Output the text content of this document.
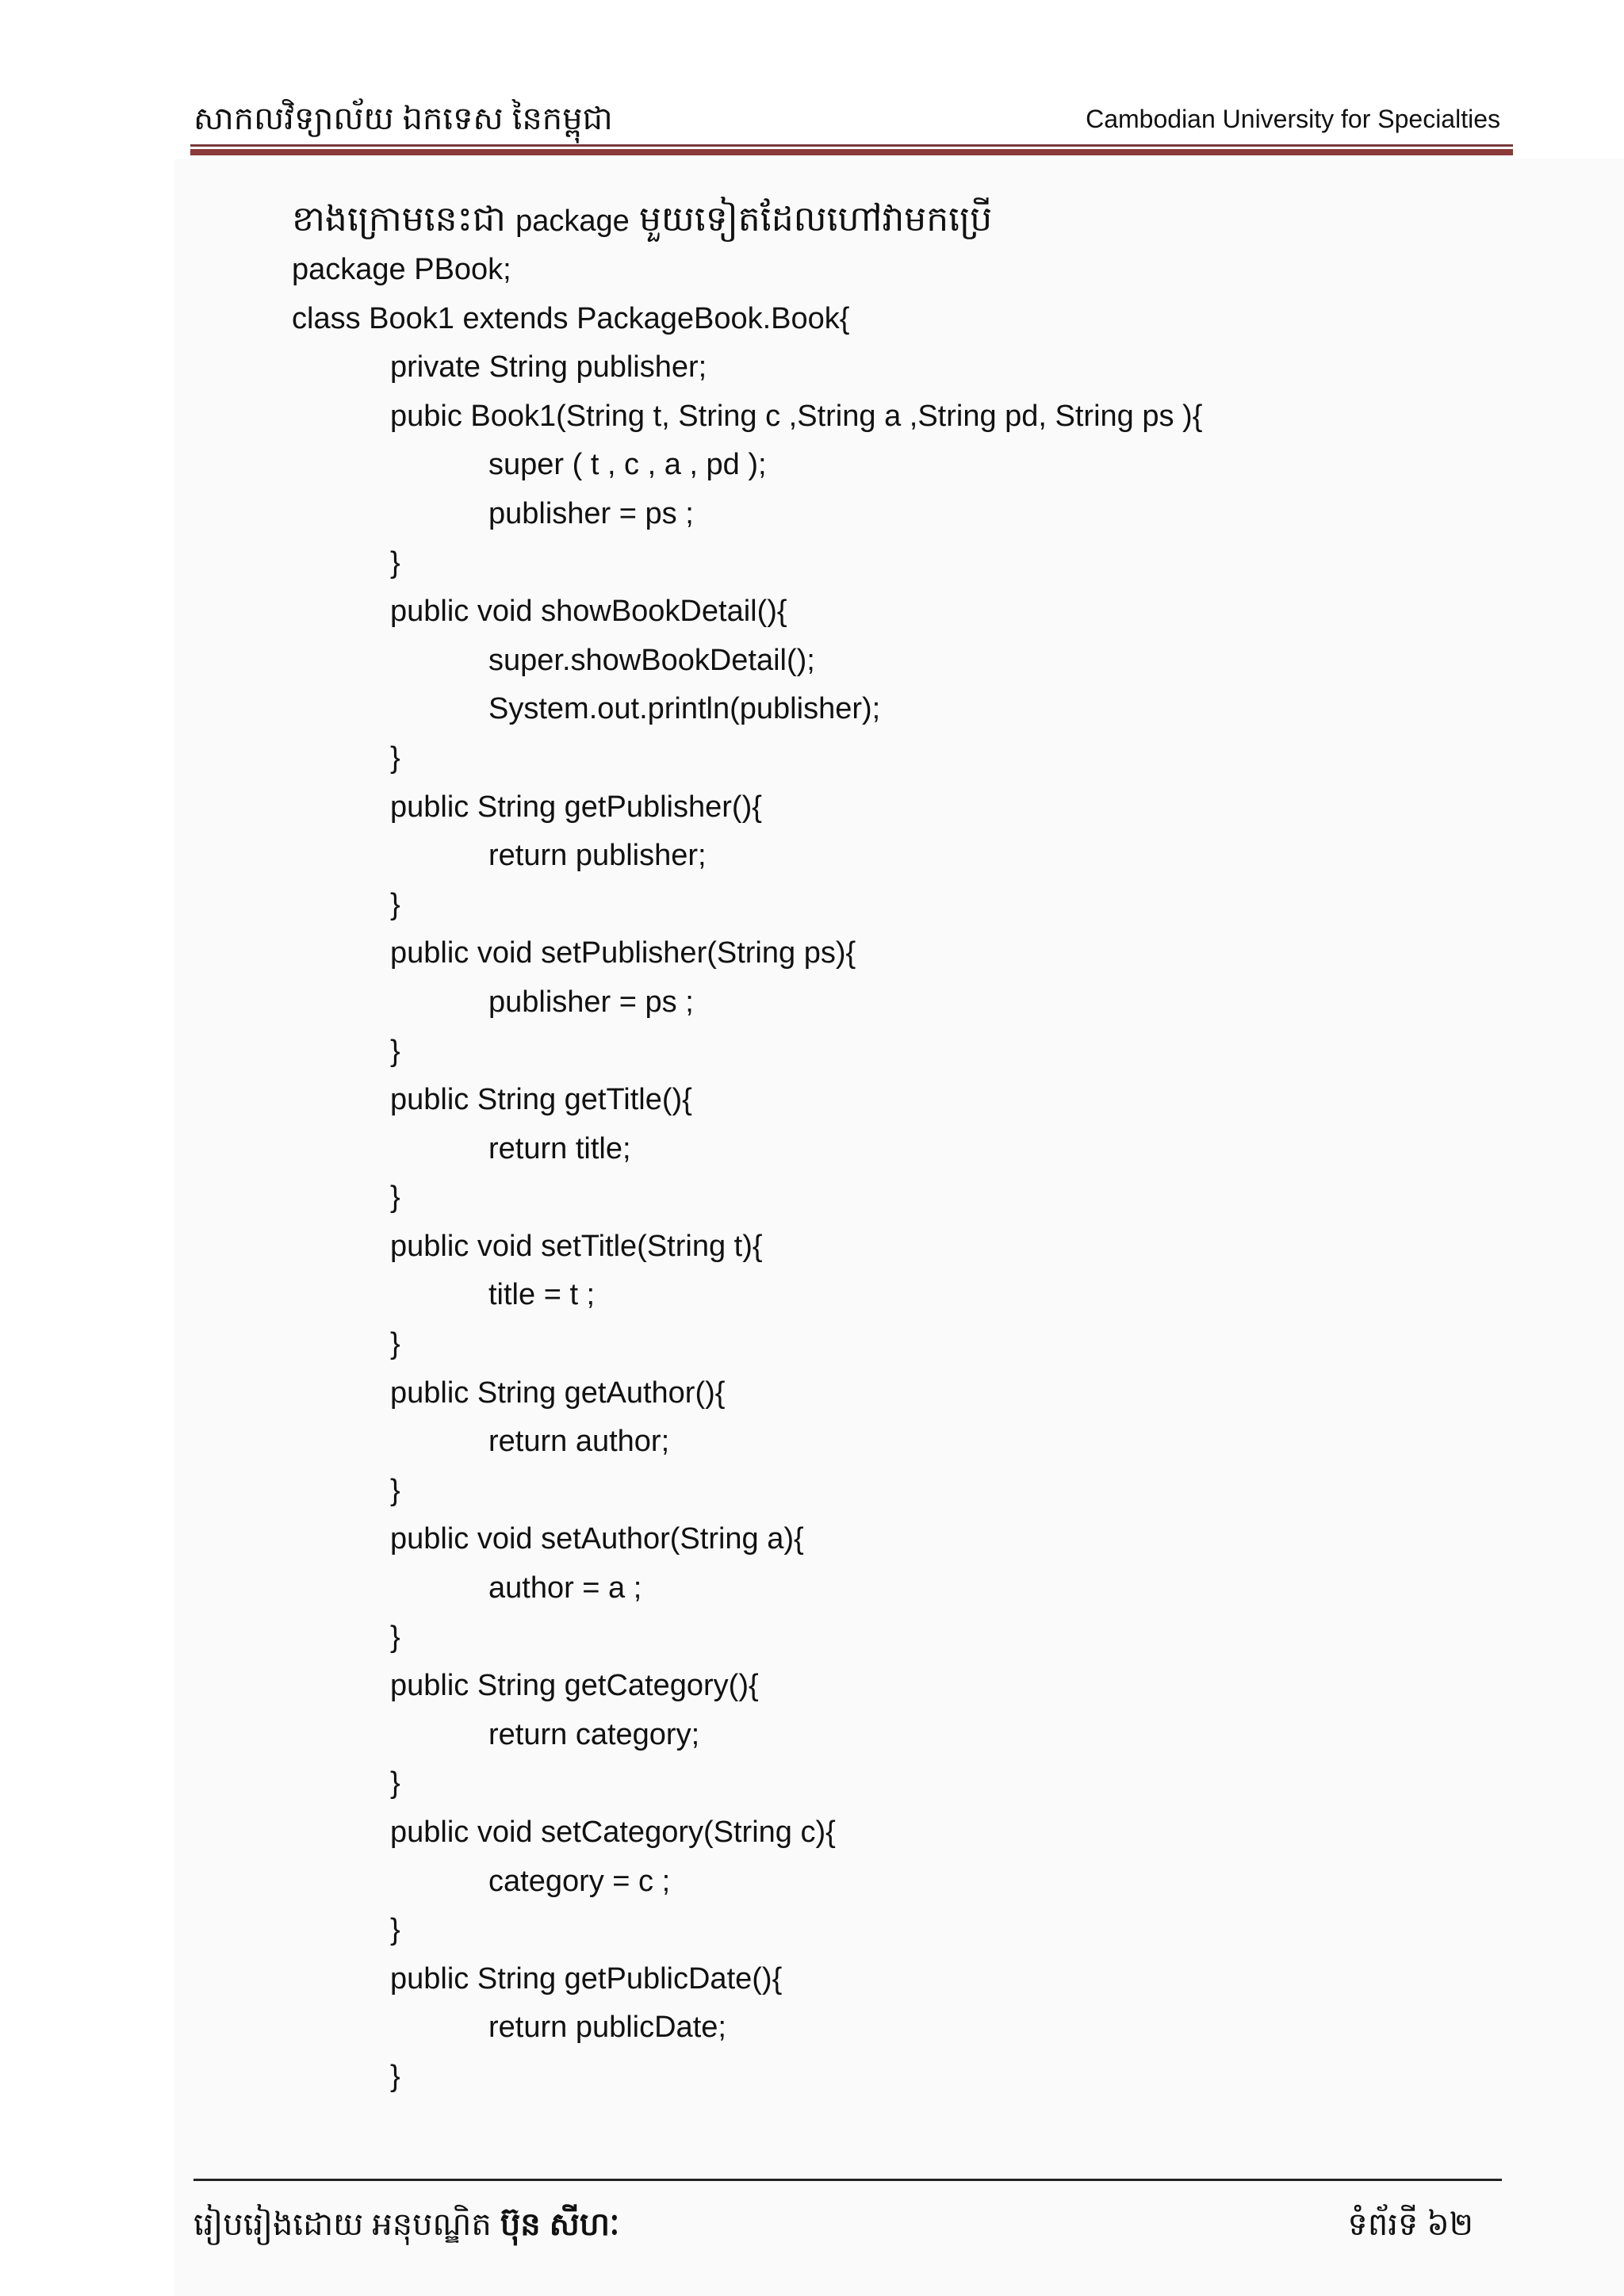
សាកលវិទ្យាល័យ ឯកទេស នៃកម្ពុជា	Cambodian University for Specialties
ខាងក្រោមនេះជា package មួយទៀតដែលហៅវាមកប្រើ
package PBook;
class Book1 extends PackageBook.Book{
private String publisher;
pubic Book1(String t, String c ,String a ,String pd, String ps ){
super ( t , c , a , pd );
publisher = ps ;
}
public void showBookDetail(){
super.showBookDetail();
System.out.println(publisher);
}
public String getPublisher(){
return publisher;
}
public void setPublisher(String ps){
publisher = ps ;
}
public String getTitle(){
return title;
}
public void setTitle(String t){
title = t ;
}
public String getAuthor(){
return author;
}
public void setAuthor(String a){
author = a ;
}
public String getCategory(){
return category;
}
public void setCategory(String c){
category = c ;
}
public String getPublicDate(){
return publicDate;
}
រៀបរៀងដោយ អនុបណ្ឌិត ប៊ុន សីហៈ	ទំព័រទី ៦២
